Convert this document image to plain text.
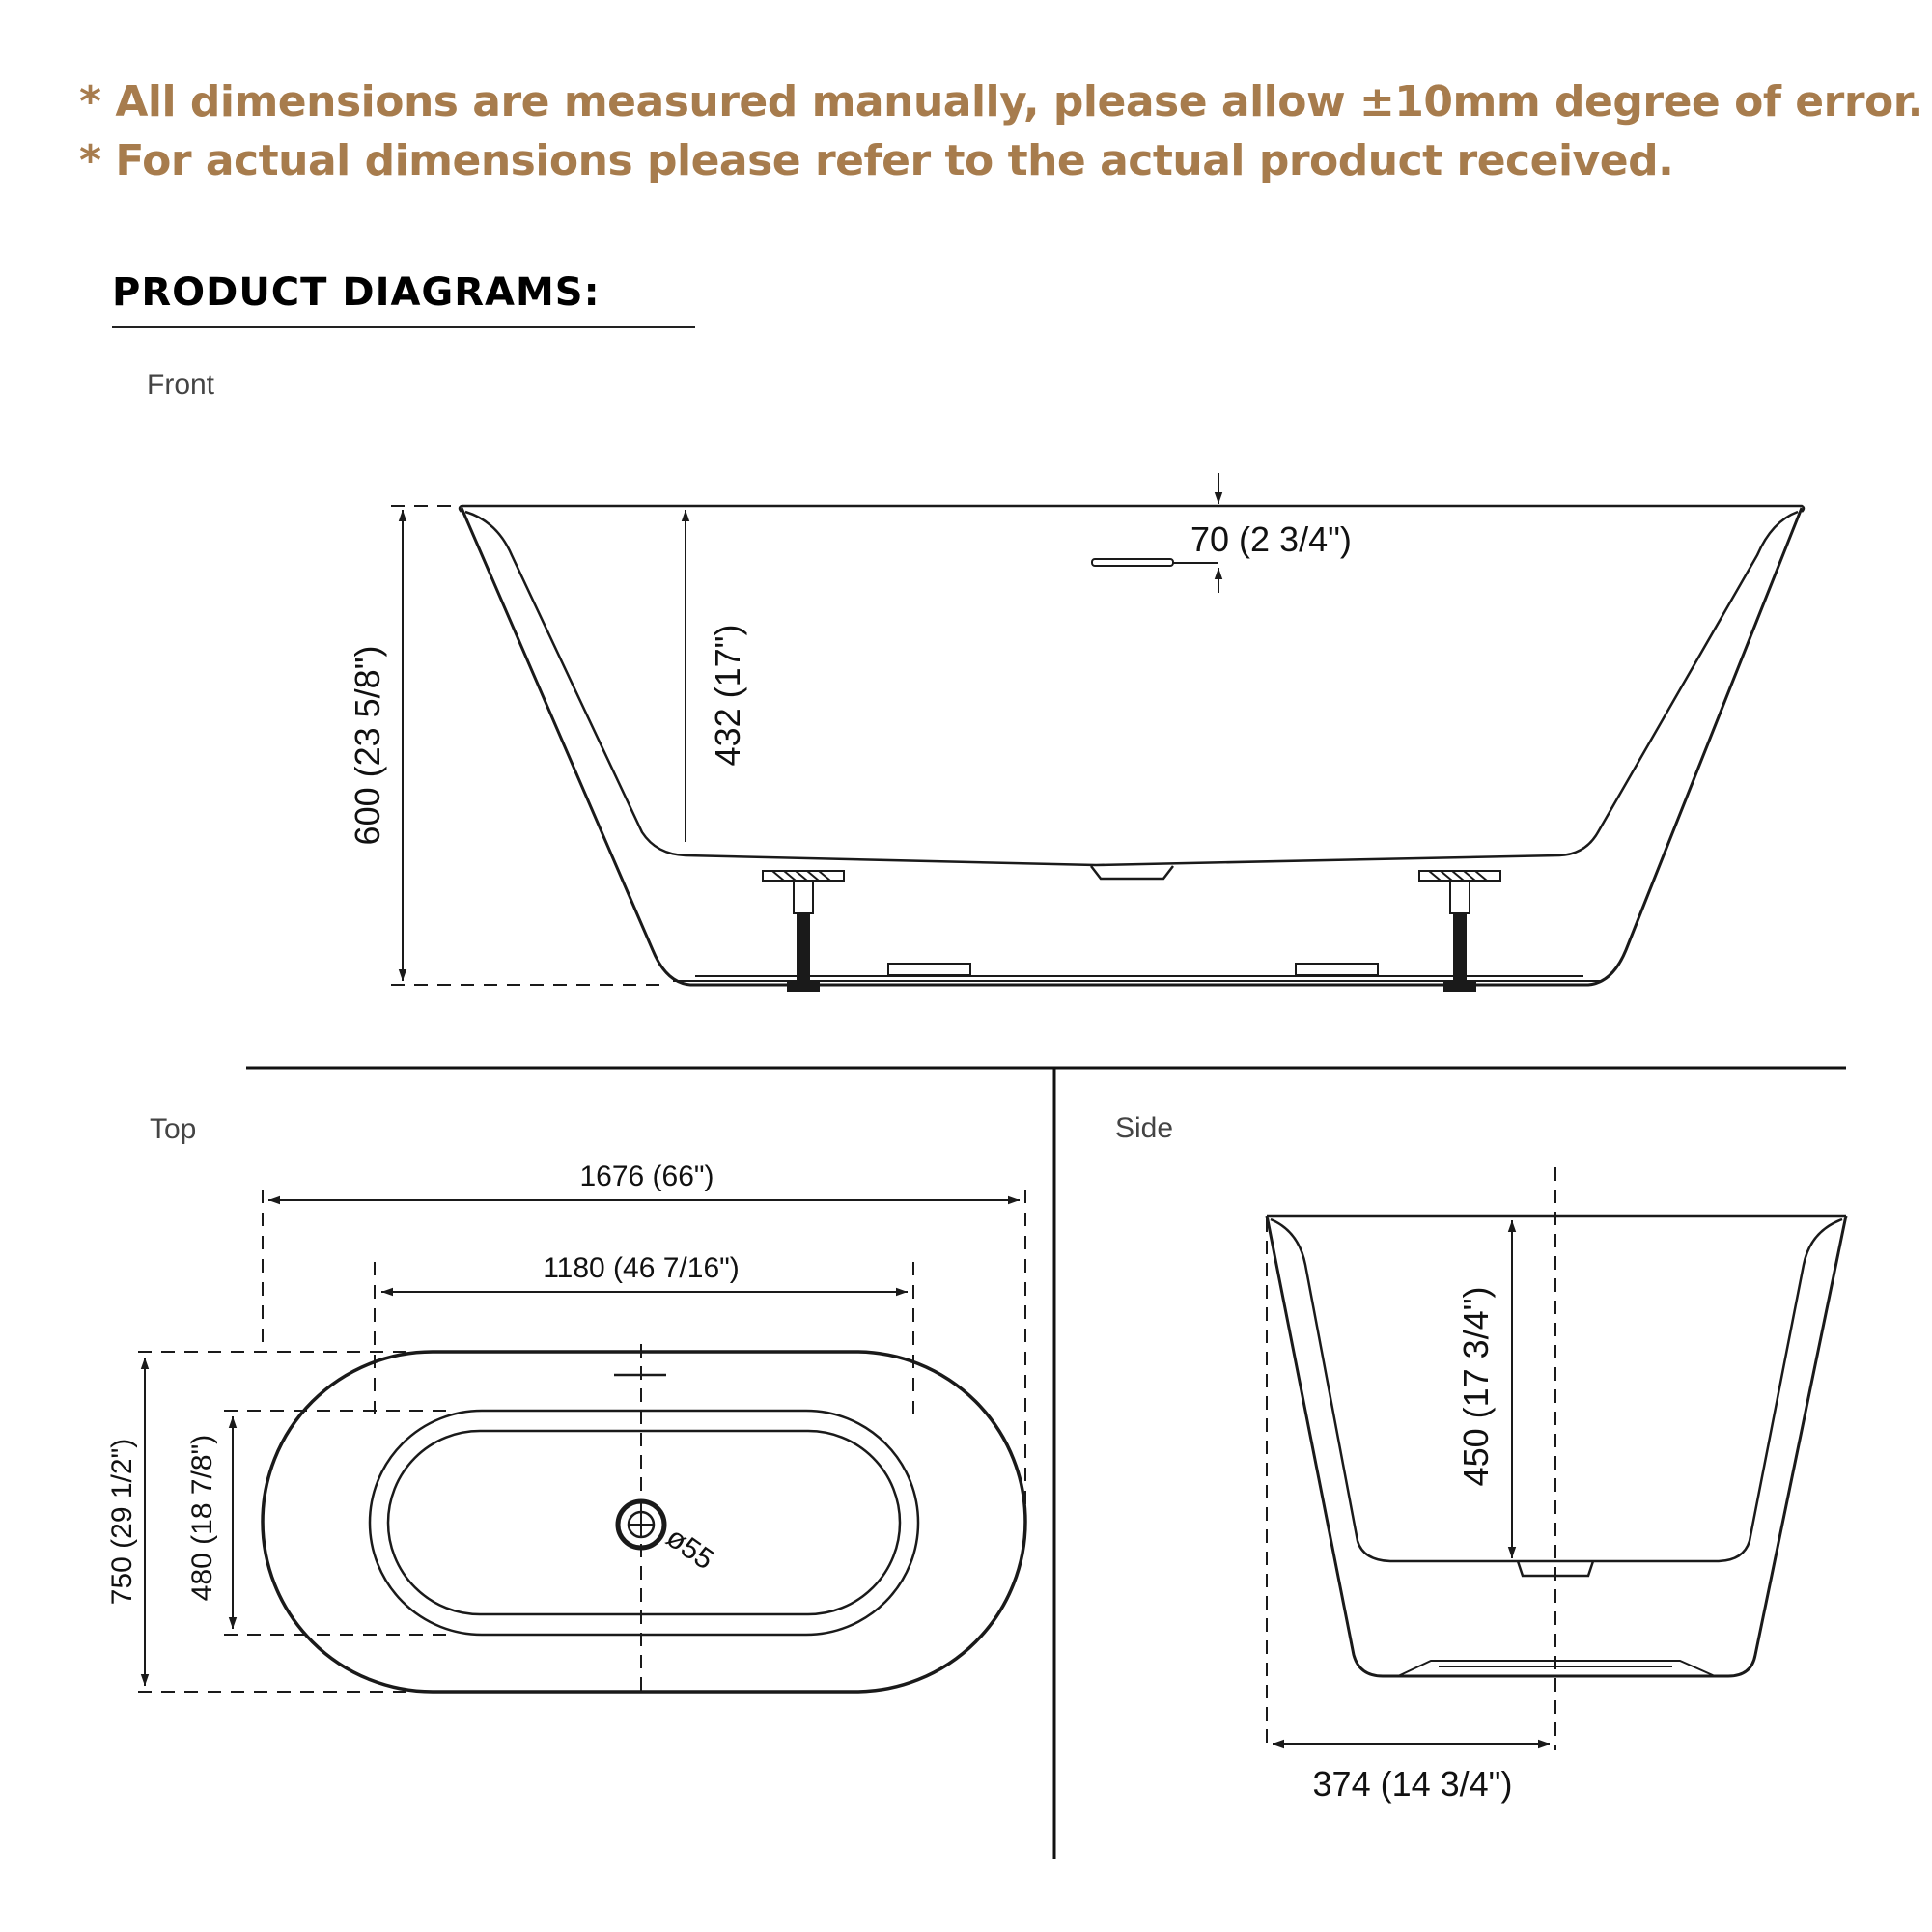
* All dimensions are measured manually, please allow ±10mm degree of error.
* For actual dimensions please refer to the actual product received.
PRODUCT DIAGRAMS:
Front
Top	Side
600 (23 5/8")	432 (17")
70 (2 3/4")
1676 (66")
1180 (46 7/16")
750 (29 1/2") 480 (18 7/8")	ø55
450 (17 3/4")
374 (14 3/4")
